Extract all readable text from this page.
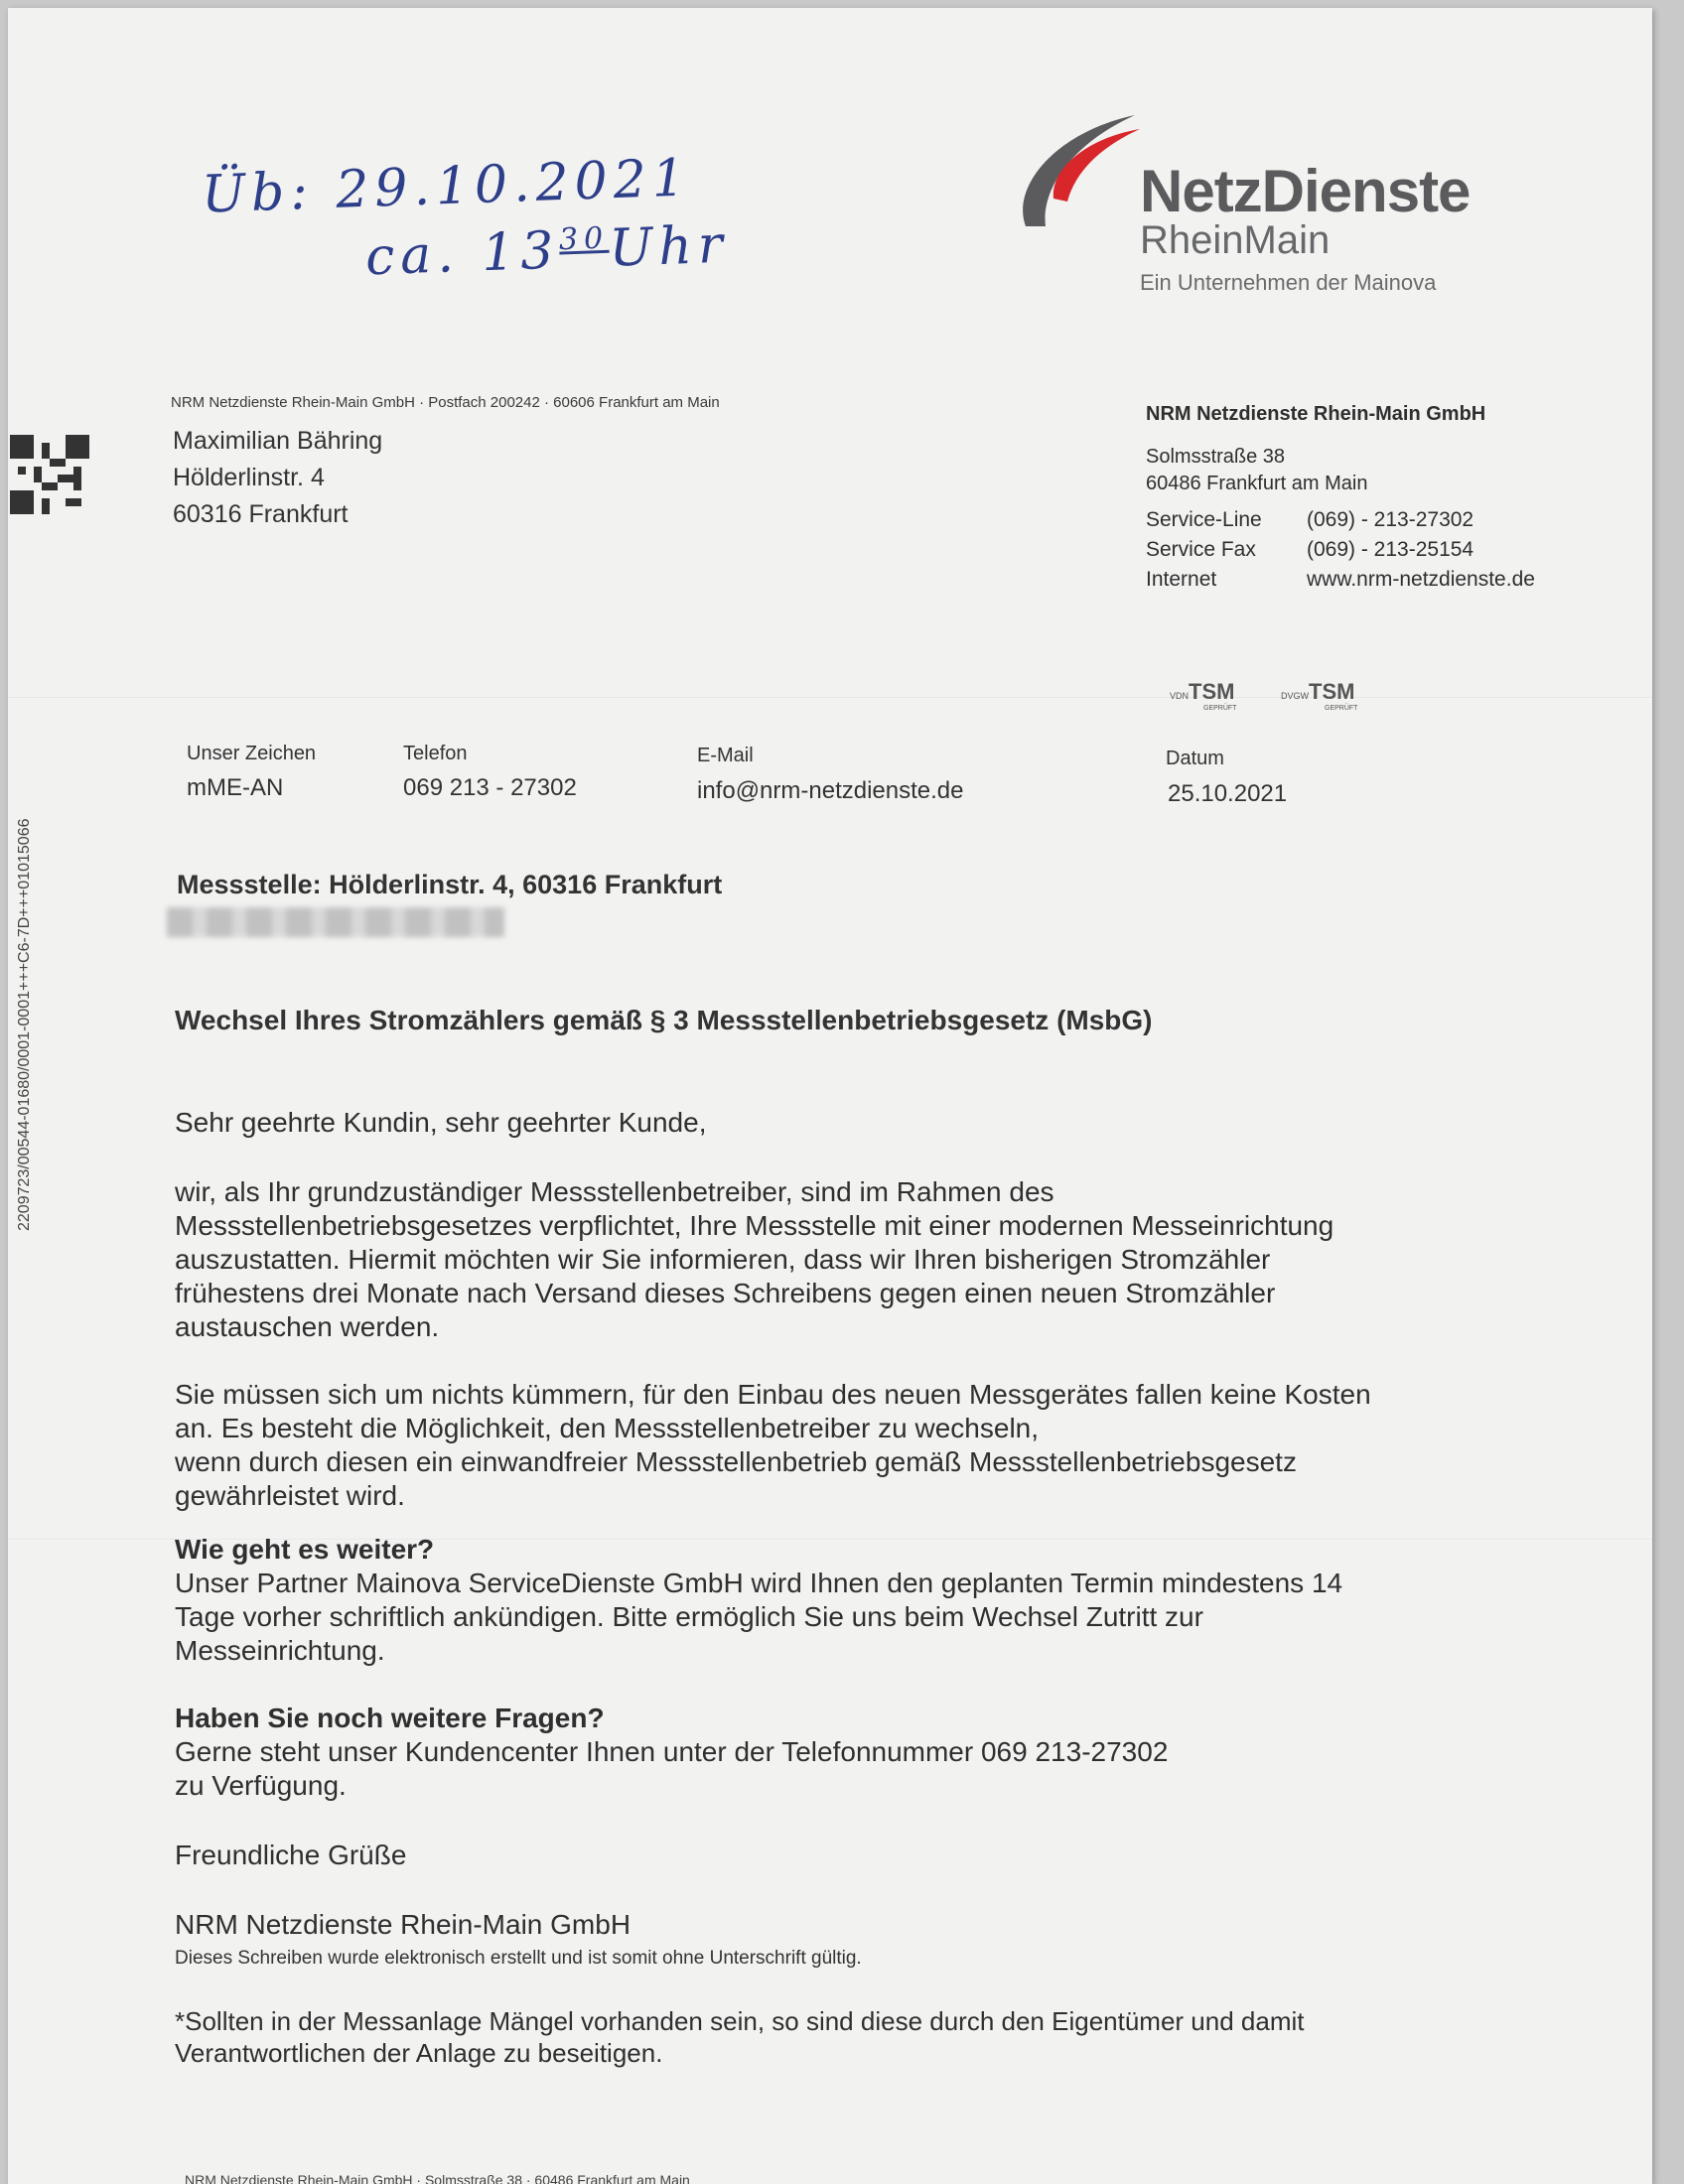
Üb: 29.10.2021
ca. $13^{30}Uhr$
NetzDienste
RheinMain
Ein Unternehmen der Mainova
NRM Netzdienste Rhein-Main GmbH · Postfach 200242 · 60606 Frankfurt am Main
Maximilian Bähring
Hölderlinstr. 4
60316 Frankfurt
NRM Netzdienste Rhein-Main GmbH
Solmsstraße 38
60486 Frankfurt am Main
Service-Line	(069) - 213-27302
Service Fax	(069) - 213-25154
Internet	www.nrm-netzdienste.de
VDNTSM
GEPRÜFT
DVGWTSM
GEPRÜFT
Unser Zeichen
mME-AN
Telefon
069 213 - 27302
E-Mail
info@nrm-netzdienste.de
Datum
25.10.2021
Messstelle: Hölderlinstr. 4, 60316 Frankfurt
Wechsel Ihres Stromzählers gemäß § 3 Messstellenbetriebsgesetz (MsbG)

Sehr geehrte Kundin, sehr geehrter Kunde,

wir, als Ihr grundzuständiger Messstellenbetreiber, sind im Rahmen des

Messstellenbetriebsgesetzes verpflichtet, Ihre Messstelle mit einer modernen Messeinrichtung

auszustatten. Hiermit möchten wir Sie informieren, dass wir Ihren bisherigen Stromzähler

frühestens drei Monate nach Versand dieses Schreibens gegen einen neuen Stromzähler

austauschen werden.

Sie müssen sich um nichts kümmern, für den Einbau des neuen Messgerätes fallen keine Kosten

an. Es besteht die Möglichkeit, den Messstellenbetreiber zu wechseln,

wenn durch diesen ein einwandfreier Messstellenbetrieb gemäß Messstellenbetriebsgesetz

gewährleistet wird.

Wie geht es weiter?

Unser Partner Mainova ServiceDienste GmbH wird Ihnen den geplanten Termin mindestens 14

Tage vorher schriftlich ankündigen. Bitte ermöglich Sie uns beim Wechsel Zutritt zur

Messeinrichtung.

Haben Sie noch weitere Fragen?

Gerne steht unser Kundencenter Ihnen unter der Telefonnummer 069 213-27302

zu Verfügung.

Freundliche Grüße

NRM Netzdienste Rhein-Main GmbH

Dieses Schreiben wurde elektronisch erstellt und ist somit ohne Unterschrift gültig.

*Sollten in der Messanlage Mängel vorhanden sein, so sind diese durch den Eigentümer und damit

Verantwortlichen der Anlage zu beseitigen.

NRM Netzdienste Rhein-Main GmbH · Solmsstraße 38 · 60486 Frankfurt am Main
2209723/00544-01680/0001-0001+++C6-7D+++01015066
